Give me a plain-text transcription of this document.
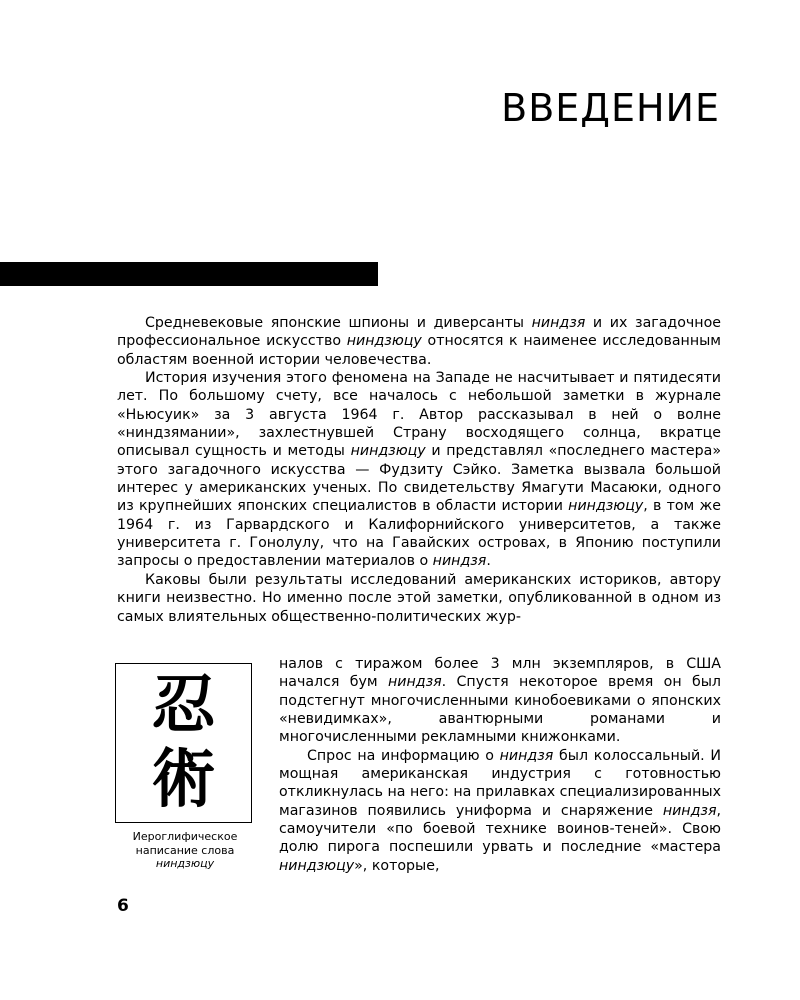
ВВЕДЕНИЕ

Средневековые японские шпионы и диверсанты ниндзя и их загадочное профессиональное искусство ниндзюцу относятся к наименее исследованным областям военной истории человечества.

История изучения этого феномена на Западе не насчитывает и пятидесяти лет. По большому счету, все началось с небольшой заметки в журнале «Ньюсуик» за 3 августа 1964 г. Автор рассказывал в ней о волне «ниндзямании», захлестнувшей Страну восходящего солнца, вкратце описывал сущность и методы ниндзюцу и представлял «последнего мастера» этого загадочного искусства — Фудзиту Сэйко. Заметка вызвала большой интерес у американских ученых. По свидетельству Ямагути Масаюки, одного из крупнейших японских специалистов в области истории ниндзюцу, в том же 1964 г. из Гарвардского и Калифорнийского университетов, а также университета г. Гонолулу, что на Гавайских островах, в Японию поступили запросы о предоставлении материалов о ниндзя.

Каковы были результаты исследований американских историков, автору книги неизвестно. Но именно после этой заметки, опубликованной в одном из самых влиятельных общественно-политических жур-

忍
術
Иероглифическое
написание слова
ниндзюцу

налов с тиражом более 3 млн экземпляров, в США начался бум ниндзя. Спустя некоторое время он был подстегнут многочисленными кинобоевиками о японских «невидимках», авантюрными романами и многочисленными рекламными книжонками.

Спрос на информацию о ниндзя был колоссальный. И мощная американская индустрия с готовностью откликнулась на него: на прилавках специализированных магазинов появились униформа и снаряжение ниндзя, самоучители «по боевой технике воинов-теней». Свою долю пирога поспешили урвать и последние «мастера ниндзюцу», которые,

6
